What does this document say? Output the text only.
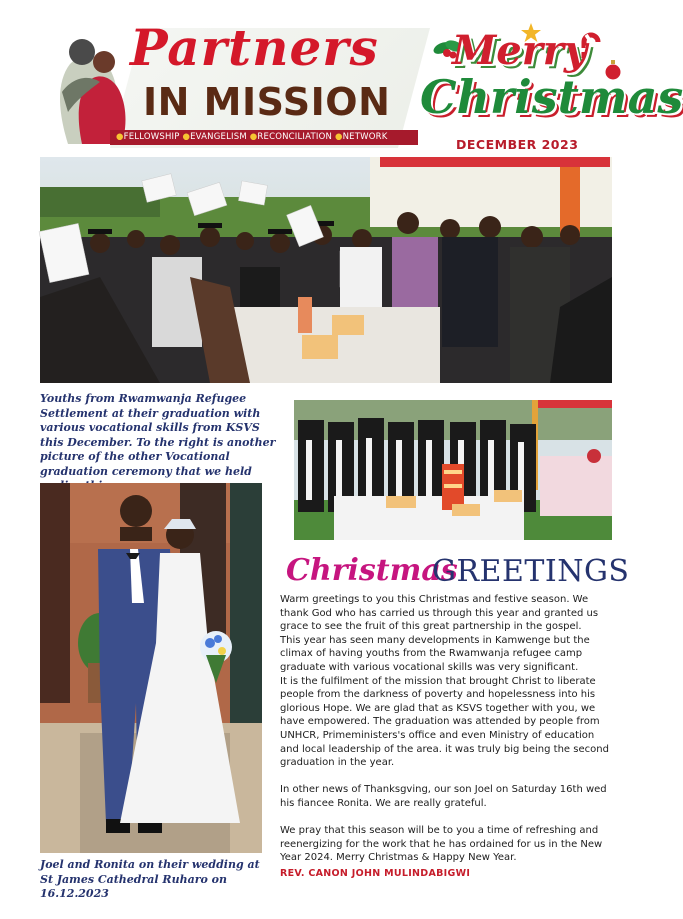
Partners
IN MISSION
●FELLOWSHIP ●EVANGELISM ●RECONCILIATION ●NETWORK
Merry
Christmas
DECEMBER 2023
Youths from Rwamwanja Refugee Settlement at their graduation with various vocational skills from KSVS this December. To the right is another picture of the other Vocational graduation ceremony that we held
Joel and Ronita on their wedding at St James Cathedral Ruharo on 16.12.2023
Christmas
GREETINGS

Warm greetings to you this Christmas and festive season. We thank God who has carried us through this year and granted us grace to see the fruit of this great partnership in the gospel.

This year has seen many developments in Kamwenge but the climax of having youths from the Rwamwanja refugee camp graduate with various vocational skills was very significant.

It is the fulfilment of the mission that brought Christ to liberate people from the darkness of poverty and hopelessness into his glorious Hope. We are glad that as KSVS together with you, we have empowered. The graduation was attended by people from UNHCR, Primeministers's office and even Ministry of education and local leadership of the area. it was truly big being the second graduation in the year.

In other news of Thanksgving, our son Joel on Saturday 16th wed his fiancee Ronita. We are really grateful.

We pray that this season will be to you a time of refreshing and reenergizing for the work that he has ordained for us in the New Year 2024. Merry Christmas & Happy New Year.

REV. CANON JOHN MULINDABIGWI
